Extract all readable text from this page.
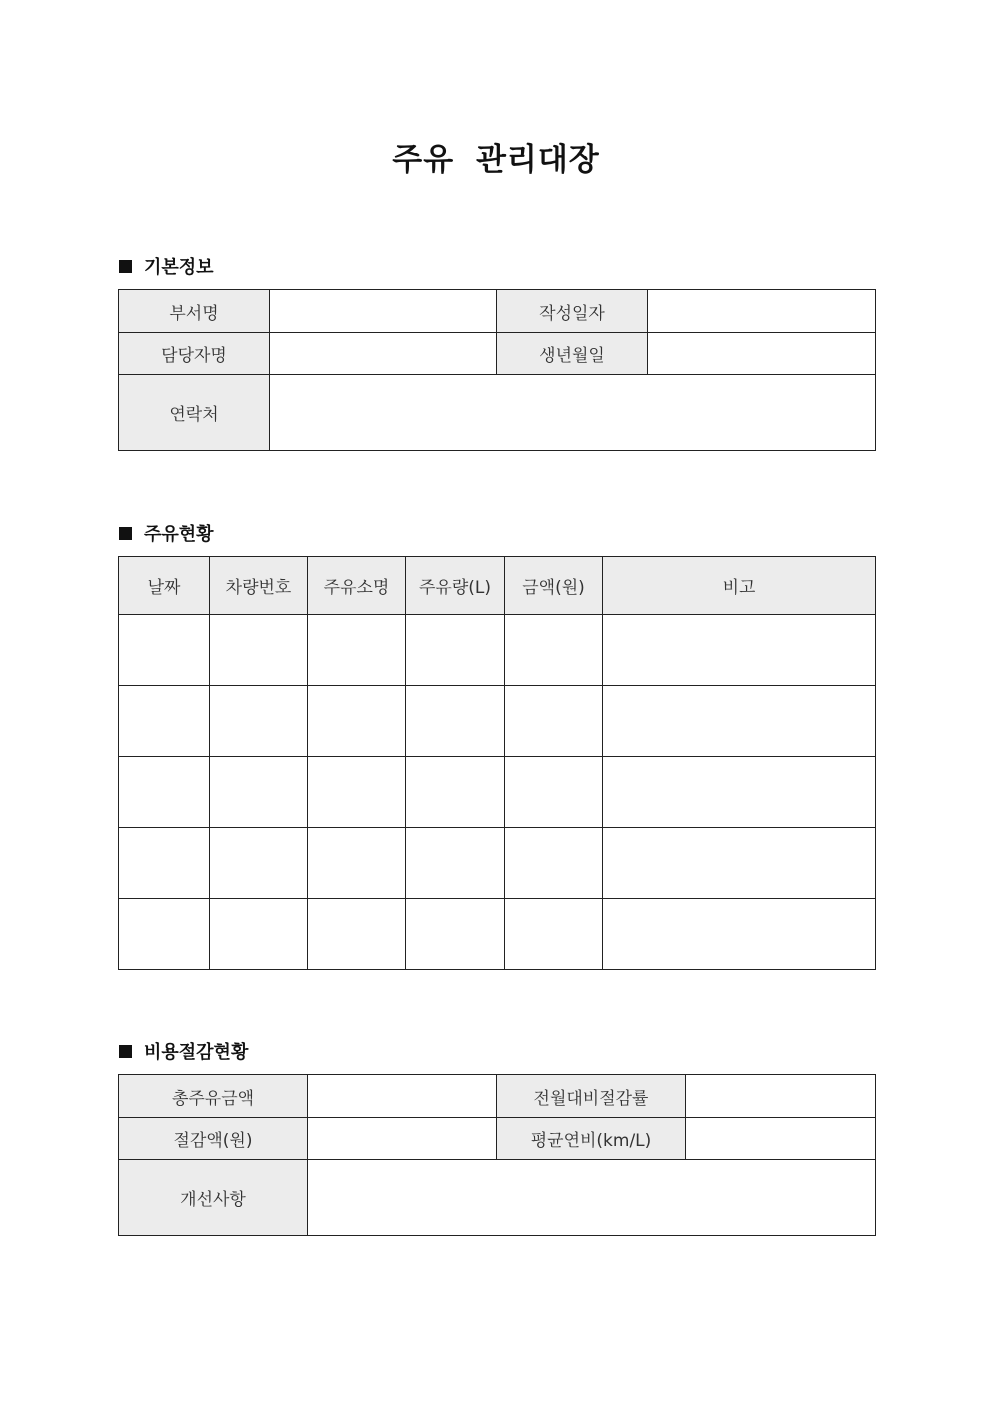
주유 관리대장
기본정보
부서명		작성일자	
담당자명		생년월일	
연락처			
주유현황
날짜	차량번호	주유소명	주유량(L)	금액(원)	비고

비용절감현황
총주유금액		전월대비절감률	
절감액(원)		평균연비(km/L)	
개선사항			
